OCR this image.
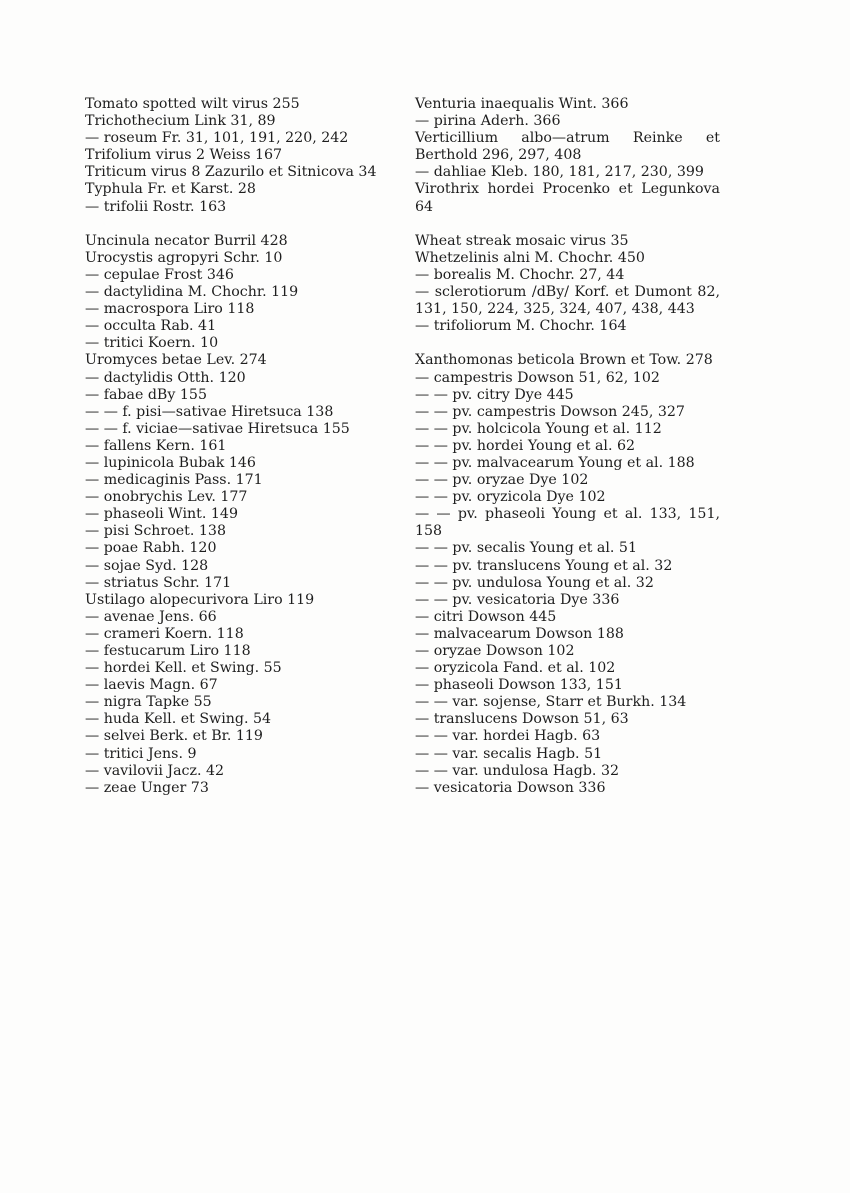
Tomato spotted wilt virus 255

Trichothecium Link 31, 89

— roseum Fr. 31, 101, 191, 220, 242

Trifolium virus 2 Weiss 167

Triticum virus 8 Zazurilo et Sitnicova 34

Typhula Fr. et Karst. 28

— trifolii Rostr. 163

Uncinula necator Burril 428

Urocystis agropyri Schr. 10

— cepulae Frost 346

— dactylidina M. Chochr. 119

— macrospora Liro 118

— occulta Rab. 41

— tritici Koern. 10

Uromyces betae Lev. 274

— dactylidis Otth. 120

— fabae dBy 155

— — f. pisi—sativae Hiretsuca 138

— — f. viciae—sativae Hiretsuca 155

— fallens Kern. 161

— lupinicola Bubak 146

— medicaginis Pass. 171

— onobrychis Lev. 177

— phaseoli Wint. 149

— pisi Schroet. 138

— poae Rabh. 120

— sojae Syd. 128

— striatus Schr. 171

Ustilago alopecurivora Liro 119

— avenae Jens. 66

— crameri Koern. 118

— festucarum Liro 118

— hordei Kell. et Swing. 55

— laevis Magn. 67

— nigra Tapke 55

— huda Kell. et Swing. 54

— selvei Berk. et Br. 119

— tritici Jens. 9

— vavilovii Jacz. 42

— zeae Unger 73

Venturia inaequalis Wint. 366

— pirina Aderh. 366

Verticillium albo—atrum Reinke et Berthold 296, 297, 408

— dahliae Kleb. 180, 181, 217, 230, 399

Virothrix hordei Procenko et Legunkova 64

Wheat streak mosaic virus 35

Whetzelinis alni M. Chochr. 450

— borealis M. Chochr. 27, 44

— sclerotiorum /dBy/ Korf. et Dumont 82, 131, 150, 224, 325, 324, 407, 438, 443

— trifoliorum M. Chochr. 164

Xanthomonas beticola Brown et Tow. 278

— campestris Dowson 51, 62, 102

— — pv. citry Dye 445

— — pv. campestris Dowson 245, 327

— — pv. holcicola Young et al. 112

— — pv. hordei Young et al. 62

— — pv. malvacearum Young et al. 188

— — pv. oryzae Dye 102

— — pv. oryzicola Dye 102

— — pv. phaseoli Young et al. 133, 151, 158

— — pv. secalis Young et al. 51

— — pv. translucens Young et al. 32

— — pv. undulosa Young et al. 32

— — pv. vesicatoria Dye 336

— citri Dowson 445

— malvacearum Dowson 188

— oryzae Dowson 102

— oryzicola Fand. et al. 102

— phaseoli Dowson 133, 151

— — var. sojense, Starr et Burkh. 134

— translucens Dowson 51, 63

— — var. hordei Hagb. 63

— — var. secalis Hagb. 51

— — var. undulosa Hagb. 32

— vesicatoria Dowson 336
